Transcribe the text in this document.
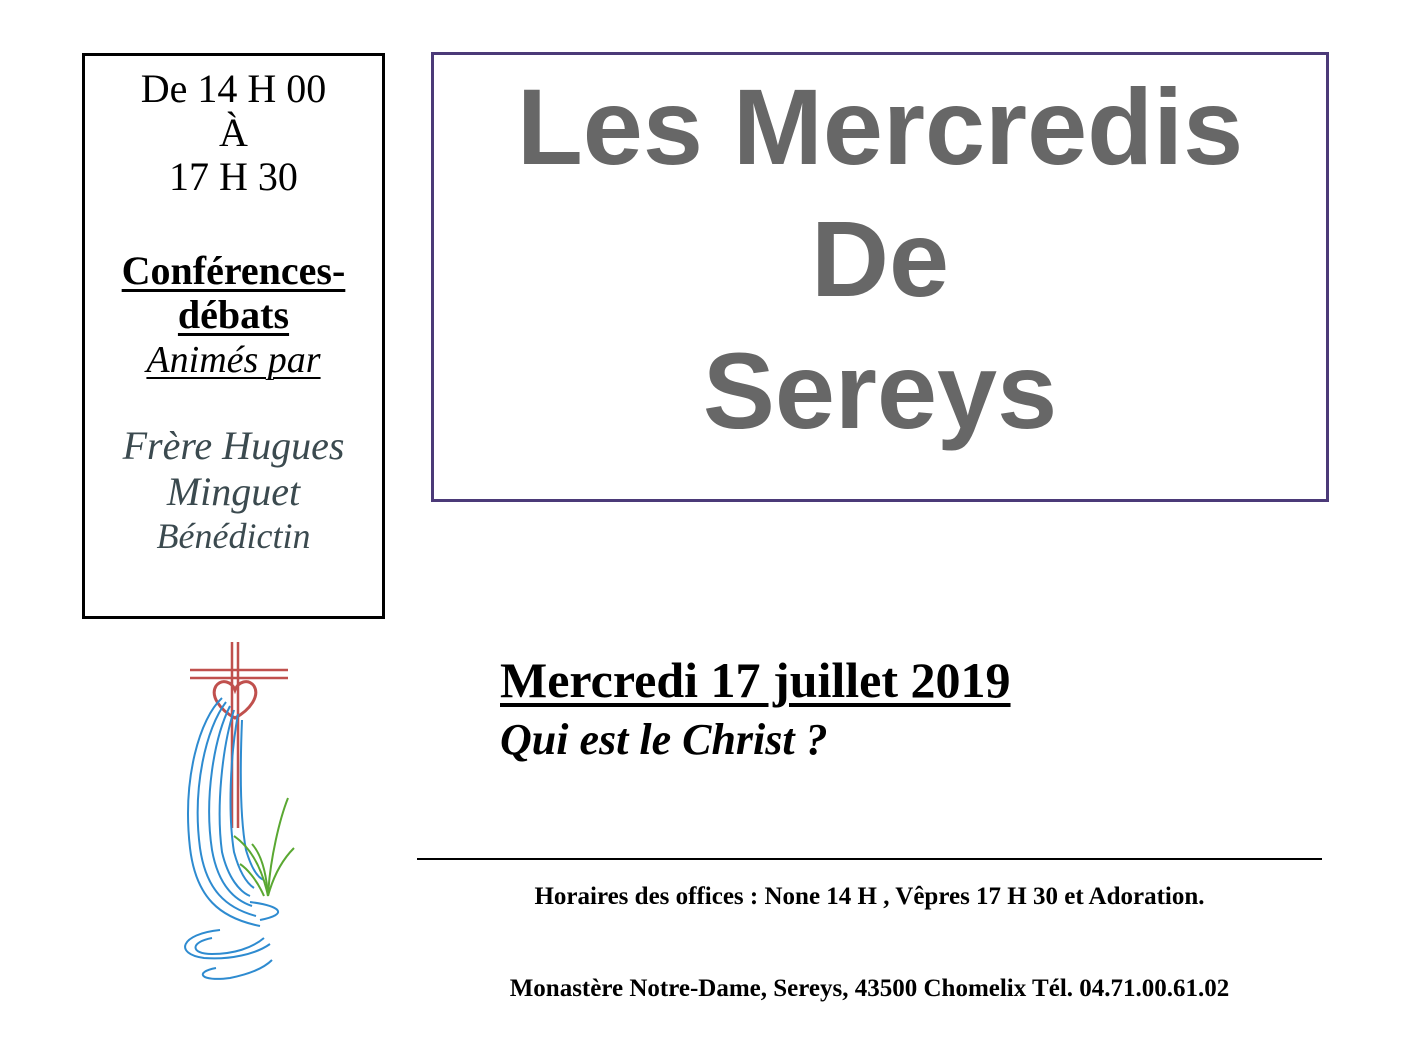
De 14 H 00
À
17 H 30
Conférences-
débats
Animés par
Frère Hugues
Minguet
Bénédictin
Les Mercredis
De
Sereys
Mercredi 17 juillet 2019
Qui est le Christ ?
Horaires des offices : None 14 H , Vêpres 17 H 30 et Adoration.
Monastère Notre-Dame, Sereys, 43500 Chomelix Tél. 04.71.00.61.02
